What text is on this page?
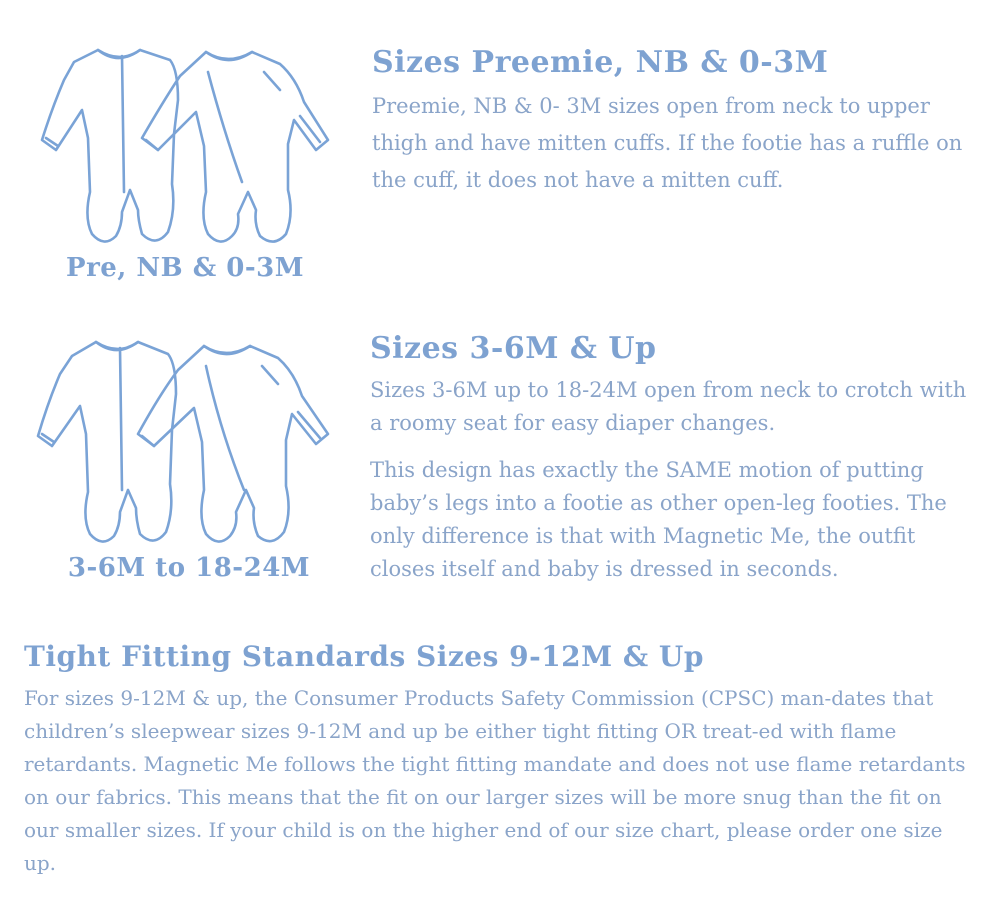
Pre, NB & 0-3M
Sizes Preemie, NB & 0-3M

Preemie, NB & 0- 3M sizes open from neck to upper thigh and have mitten cuffs. If the footie has a ruffle on the cuff, it does not have a mitten cuff.

3-6M to 18-24M
Sizes 3-6M & Up

Sizes 3-6M up to 18-24M open from neck to crotch with a roomy seat for easy diaper changes.

This design has exactly the SAME motion of putting baby’s legs into a footie as other open-leg footies. The only difference is that with Magnetic Me, the outfit closes itself and baby is dressed in seconds.

Tight Fitting Standards Sizes 9-12M & Up

For sizes 9-12M & up, the Consumer Products Safety Commission (CPSC) man-dates that children’s sleepwear sizes 9-12M and up be either tight fitting OR treat-ed with flame retardants. Magnetic Me follows the tight fitting mandate and does not use flame retardants on our fabrics. This means that the fit on our larger sizes will be more snug than the fit on our smaller sizes. If your child is on the higher end of our size chart, please order one size up.
